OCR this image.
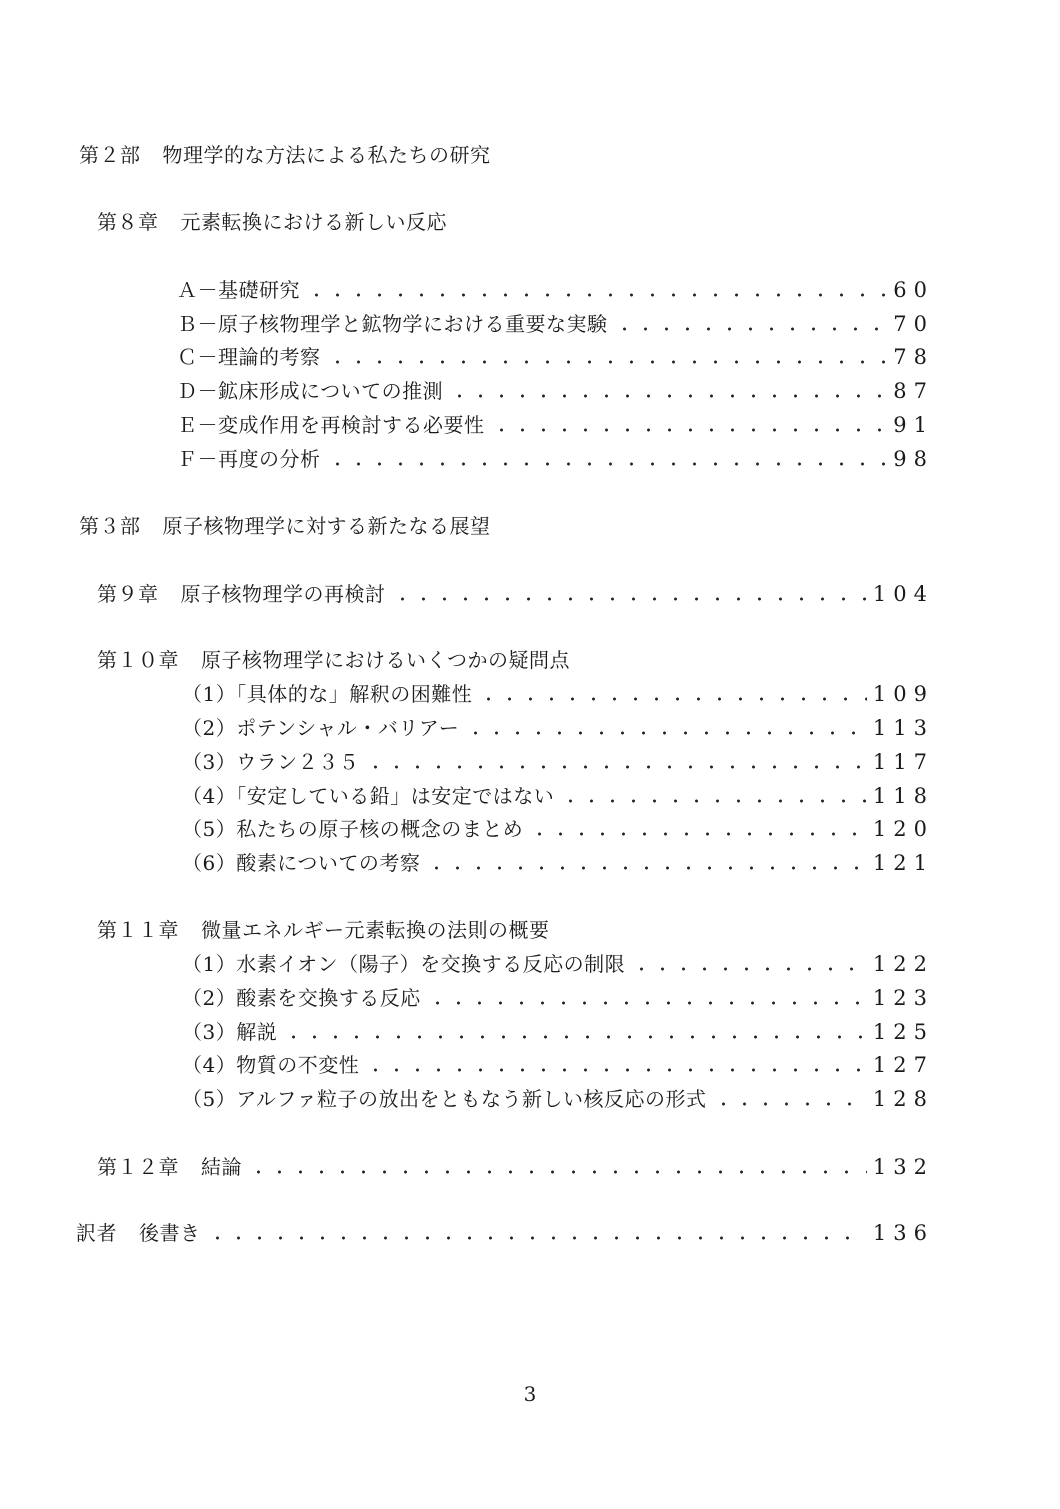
第２部 物理学的な方法による私たちの研究
第８章 元素転換における新しい反応
Ａ－基礎研究	60
Ｂ－原子核物理学と鉱物学における重要な実験	70
Ｃ－理論的考察	78
Ｄ－鉱床形成についての推測	87
Ｅ－変成作用を再検討する必要性	91
Ｆ－再度の分析	98
第３部 原子核物理学に対する新たなる展望
第９章 原子核物理学の再検討	104
第１０章 原子核物理学におけるいくつかの疑問点
（1）「具体的な」解釈の困難性	109
（2）ポテンシャル・バリアー	113
（3）ウラン２３５	117
（4）「安定している鉛」は安定ではない	118
（5）私たちの原子核の概念のまとめ	120
（6）酸素についての考察	121
第１１章 微量エネルギー元素転換の法則の概要
（1）水素イオン（陽子）を交換する反応の制限	122
（2）酸素を交換する反応	123
（3）解説	125
（4）物質の不変性	127
（5）アルファ粒子の放出をともなう新しい核反応の形式	128
第１２章 結論	132
訳者 後書き	136
3
